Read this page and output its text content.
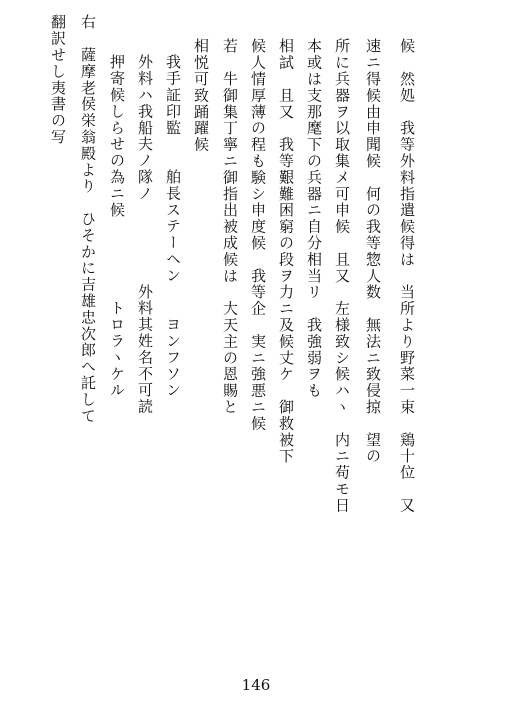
候　然処　我等外料指遣候得は　当所より野菜一束　鶏十位　又
速ニ得候由申聞候　何の我等惣人数　無法ニ致侵掠　望の
所に兵器ヲ以取集メ可申候　且又　左様致シ候ハヽ　内ニ苟モ日
本或は支那麾下の兵器ニ自分相当リ　我強弱ヲも
相試　且又　我等艱難困窮の段ヲ力ニ及候丈ケ　御救被下
候人情厚薄の程も験シ申度候　我等企　実ニ強悪ニ候
若　牛御集丁寧ニ御指出被成候は　大天主の恩賜と
相悦可致踊躍候
我手証印監　　舶長ステーヘン　　ヨンフソン
外料ハ我船夫ノ隊ノ　　　　　外料其姓名不可読
押寄候しらせの為ニ候　　　　　トロラヽケル
右　薩摩老侯栄翁殿より　ひそかに吉雄忠次郎へ託して
翻訳せし夷書の写
146
